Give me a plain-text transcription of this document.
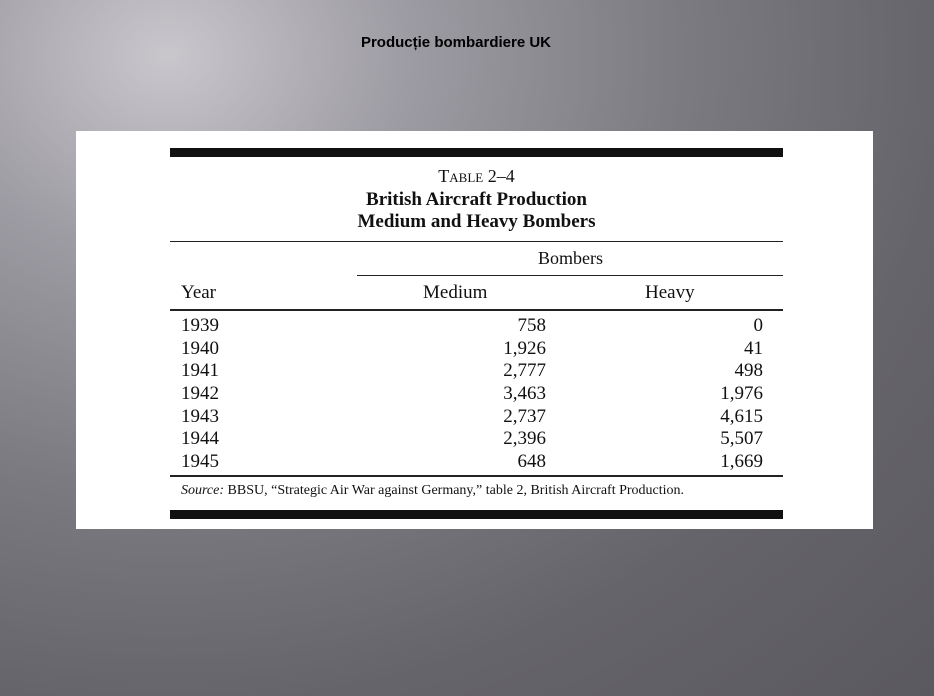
Producție bombardiere UK
Table 2–4
British Aircraft Production
Medium and Heavy Bombers
Bombers
Year	Medium	Heavy
1939	758	0
1940	1,926	41
1941	2,777	498
1942	3,463	1,976
1943	2,737	4,615
1944	2,396	5,507
1945	648	1,669
Source: BBSU, “Strategic Air War against Germany,” table 2, British Aircraft Production.
